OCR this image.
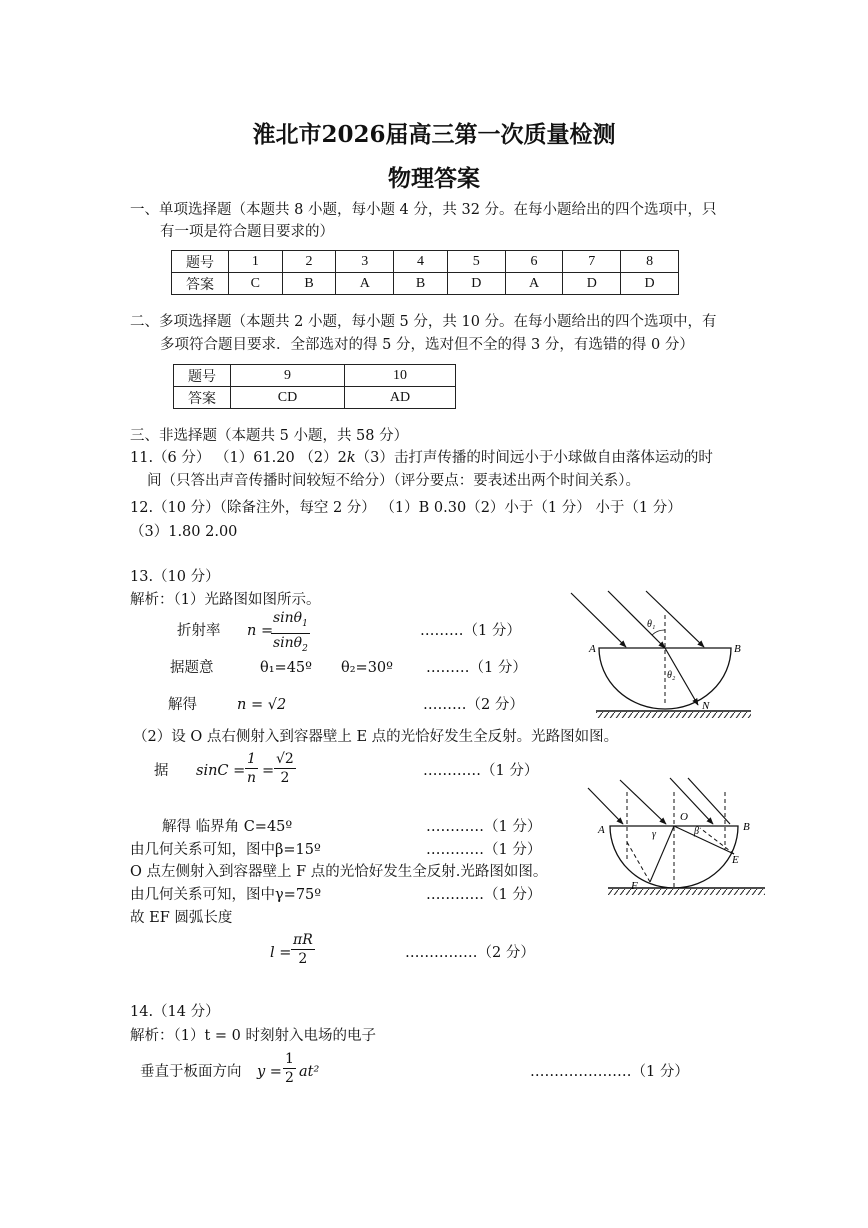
淮北市2026届高三第一次质量检测
物理答案
一、单项选择题（本题共 8 小题，每小题 4 分，共 32 分。在每小题给出的四个选项中，只
有一项是符合题目要求的）
题号	1	2	3	4	5	6	7	8
答案	C	B	A	B	D	A	D	D
二、多项选择题（本题共 2 小题，每小题 5 分，共 10 分。在每小题给出的四个选项中，有
多项符合题目要求．全部选对的得 5 分，选对但不全的得 3 分，有选错的得 0 分）
题号	9	10
答案	CD	AD
三、非选择题（本题共 5 小题，共 58 分）
11.（6 分） （1）61.20 （2）2k（3）击打声传播的时间远小于小球做自由落体运动的时
间（只答出声音传播时间较短不给分）（评分要点：要表述出两个时间关系）。
12.（10 分）（除备注外，每空 2 分） （1）B 0.30（2）小于（1 分） 小于（1 分）
（3）1.80 2.00
13.（10 分）
解析：（1）光路图如图所示。
折射率 n =
$\frac{\sin\theta_1}{\sin\theta_2}$	………（1 分）
据题意	θ₁=45º θ₂=30º ………（1 分）
解得	n = √2	………（2 分）
（2）设 O 点右侧射入到容器壁上 E 点的光恰好发生全反射。光路图如图。
据 $\sin C = \frac{1}{n} = \frac{√2}{2}$	…………（1 分）
解得 临界角 C=45º	…………（1 分）
由几何关系可知，图中β=15º	…………（1 分）
O 点左侧射入到容器壁上 F 点的光恰好发生全反射.光路图如图。
由几何关系可知，图中γ=75º	…………（1 分）
故 EF 圆弧长度
$l = \frac{\pi R}{2}$	……………（2 分）
14.（14 分）
解析：（1）t = 0 时刻射入电场的电子
垂直于板面方向 $y = \frac{1}{2} at^2$	…………………（1 分）
A	B
N
θ₁
θ₂
A	B
O
E
F
γ	β
